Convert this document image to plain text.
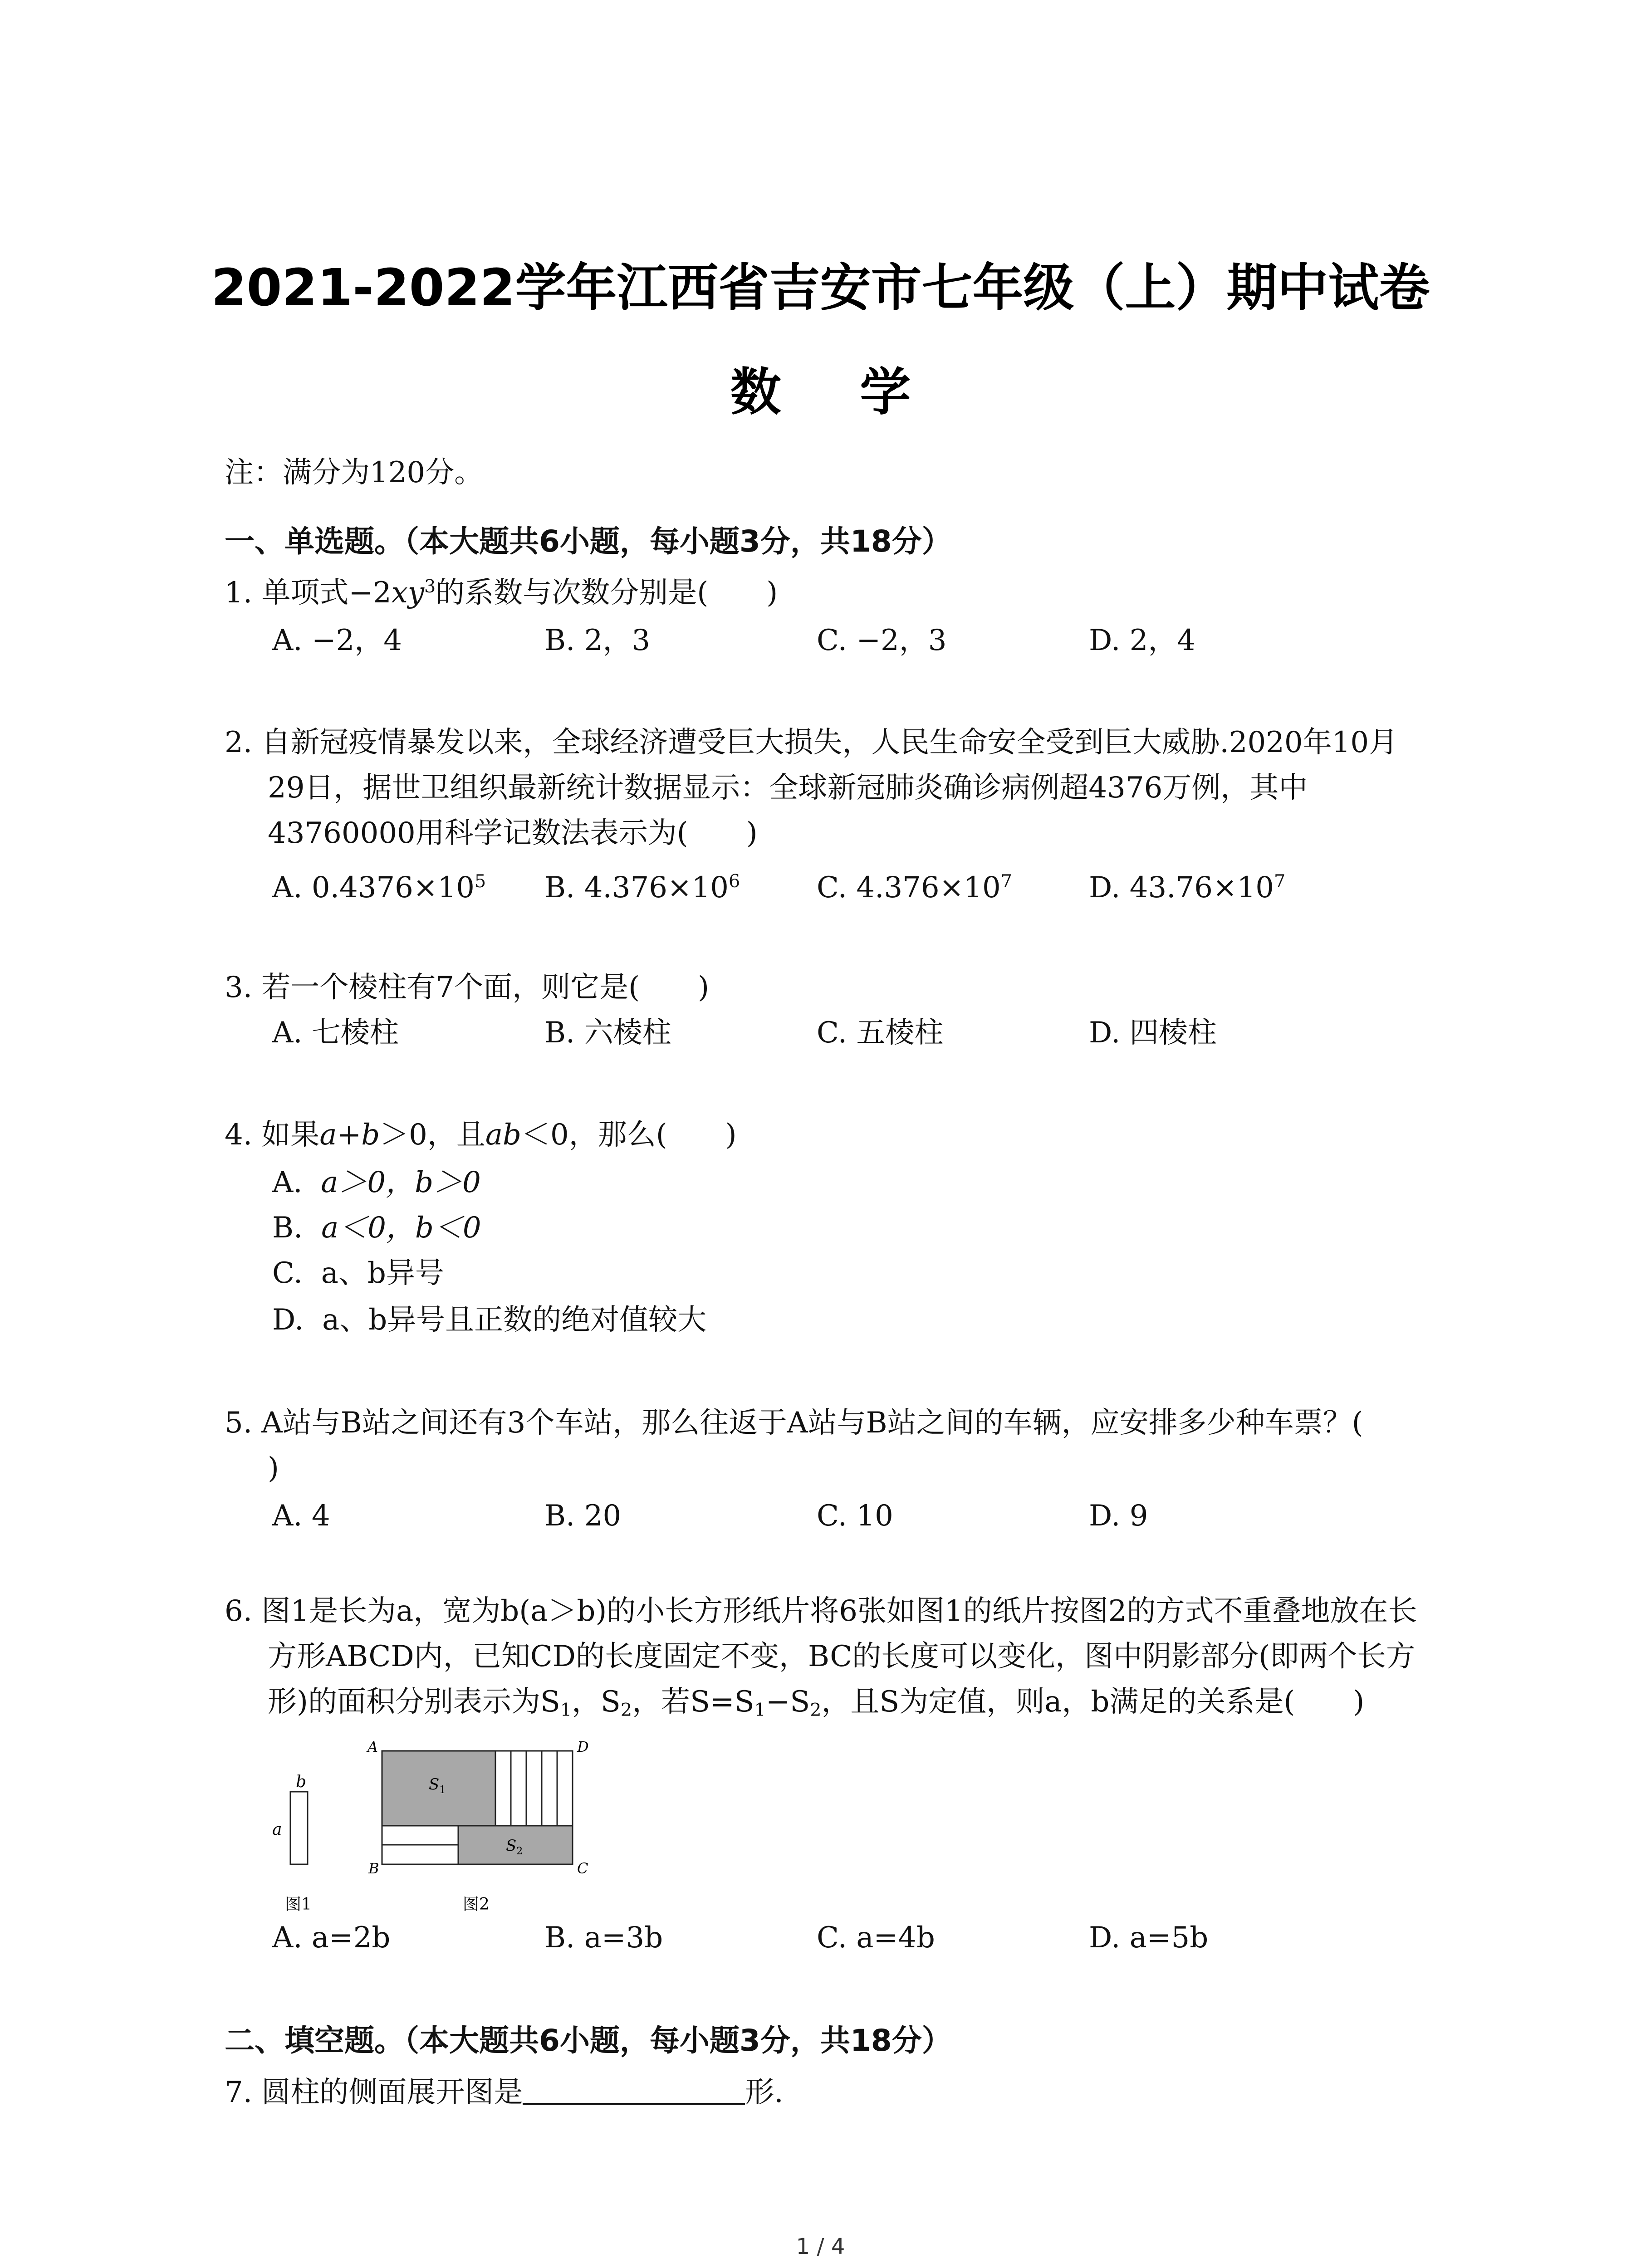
2021-2022学年江西省吉安市七年级（上）期中试卷
数 学
注：满分为120分。
一、单选题。（本大题共6小题，每小题3分，共18分）
1. 单项式$-2xy^3$的系数与次数分别是(　　)
A. −2，4	B. 2，3	C. −2，3	D. 2，4
2. 自新冠疫情暴发以来，全球经济遭受巨大损失，人民生命安全受到巨大威胁.2020年10月
29日，据世卫组织最新统计数据显示：全球新冠肺炎确诊病例超4376万例，其中
43760000用科学记数法表示为(　　)
A. $0.4376\times 10^5$ B. $4.376\times 10^6$	C. $4.376\times 10^7$	D. $43.76\times 10^7$
3. 若一个棱柱有7个面，则它是(　　)
A. 七棱柱	B. 六棱柱	C. 五棱柱	D. 四棱柱
4. 如果a+b＞0，且ab＜0，那么(　　)
A. a＞0，b＞0
B. a＜0，b＜0
C. a、b异号
D. a、b异号且正数的绝对值较大
5. A站与B站之间还有3个车站，那么往返于A站与B站之间的车辆，应安排多少种车票？(
)
A. 4	B. 20	C. 10	D. 9
6. 图1是长为a，宽为b(a＞b)的小长方形纸片将6张如图1的纸片按图2的方式不重叠地放在长
方形ABCD内，已知CD的长度固定不变，BC的长度可以变化，图中阴影部分(即两个长方
形)的面积分别表示为$S_1$，$S_2$，若$S=S_1-S_2$，且S为定值，则a，b满足的关系是(　　)
b
a
图1
A
B	C
D
$S_1$
$S_2$
图2
A. a=2b	B. a=3b	C. a=4b	D. a=5b
二、填空题。（本大题共6小题，每小题3分，共18分）
7. 圆柱的侧面展开图是	形.
1 / 4
